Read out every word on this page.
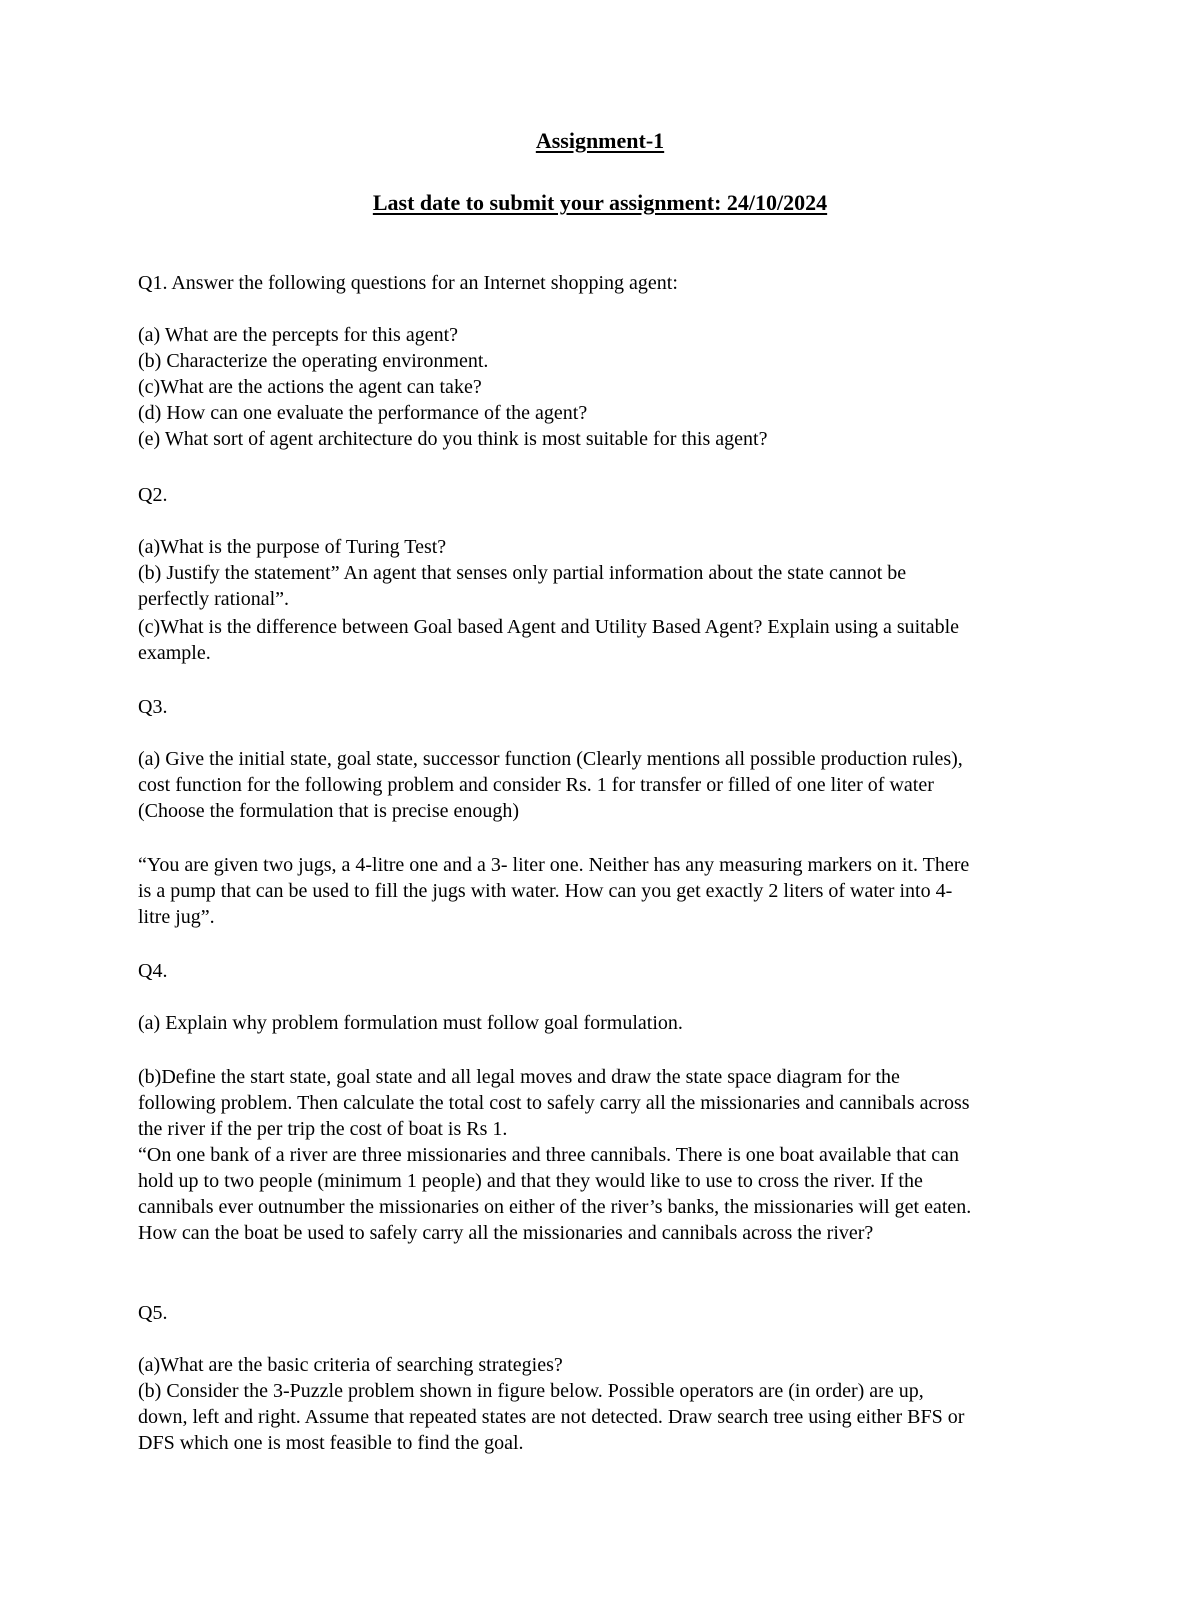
Assignment-1
Last date to submit your assignment: 24/10/2024
Q1. Answer the following questions for an Internet shopping agent:
(a) What are the percepts for this agent?
(b) Characterize the operating environment.
(c)What are the actions the agent can take?
(d) How can one evaluate the performance of the agent?
(e) What sort of agent architecture do you think is most suitable for this agent?
Q2.
(a)What is the purpose of Turing Test?
(b) Justify the statement” An agent that senses only partial information about the state cannot be
perfectly rational”.
(c)What is the difference between Goal based Agent and Utility Based Agent? Explain using a suitable
example.
Q3.
(a) Give the initial state, goal state, successor function (Clearly mentions all possible production rules),
cost function for the following problem and consider Rs. 1 for transfer or filled of one liter of water
(Choose the formulation that is precise enough)
“You are given two jugs, a 4-litre one and a 3- liter one. Neither has any measuring markers on it. There
is a pump that can be used to fill the jugs with water. How can you get exactly 2 liters of water into 4-
litre jug”.
Q4.
(a) Explain why problem formulation must follow goal formulation.
(b)Define the start state, goal state and all legal moves and draw the state space diagram for the
following problem. Then calculate the total cost to safely carry all the missionaries and cannibals across
the river if the per trip the cost of boat is Rs 1.
“On one bank of a river are three missionaries and three cannibals. There is one boat available that can
hold up to two people (minimum 1 people) and that they would like to use to cross the river. If the
cannibals ever outnumber the missionaries on either of the river’s banks, the missionaries will get eaten.
How can the boat be used to safely carry all the missionaries and cannibals across the river?
Q5.
(a)What are the basic criteria of searching strategies?
(b) Consider the 3-Puzzle problem shown in figure below. Possible operators are (in order) are up,
down, left and right. Assume that repeated states are not detected. Draw search tree using either BFS or
DFS which one is most feasible to find the goal.
